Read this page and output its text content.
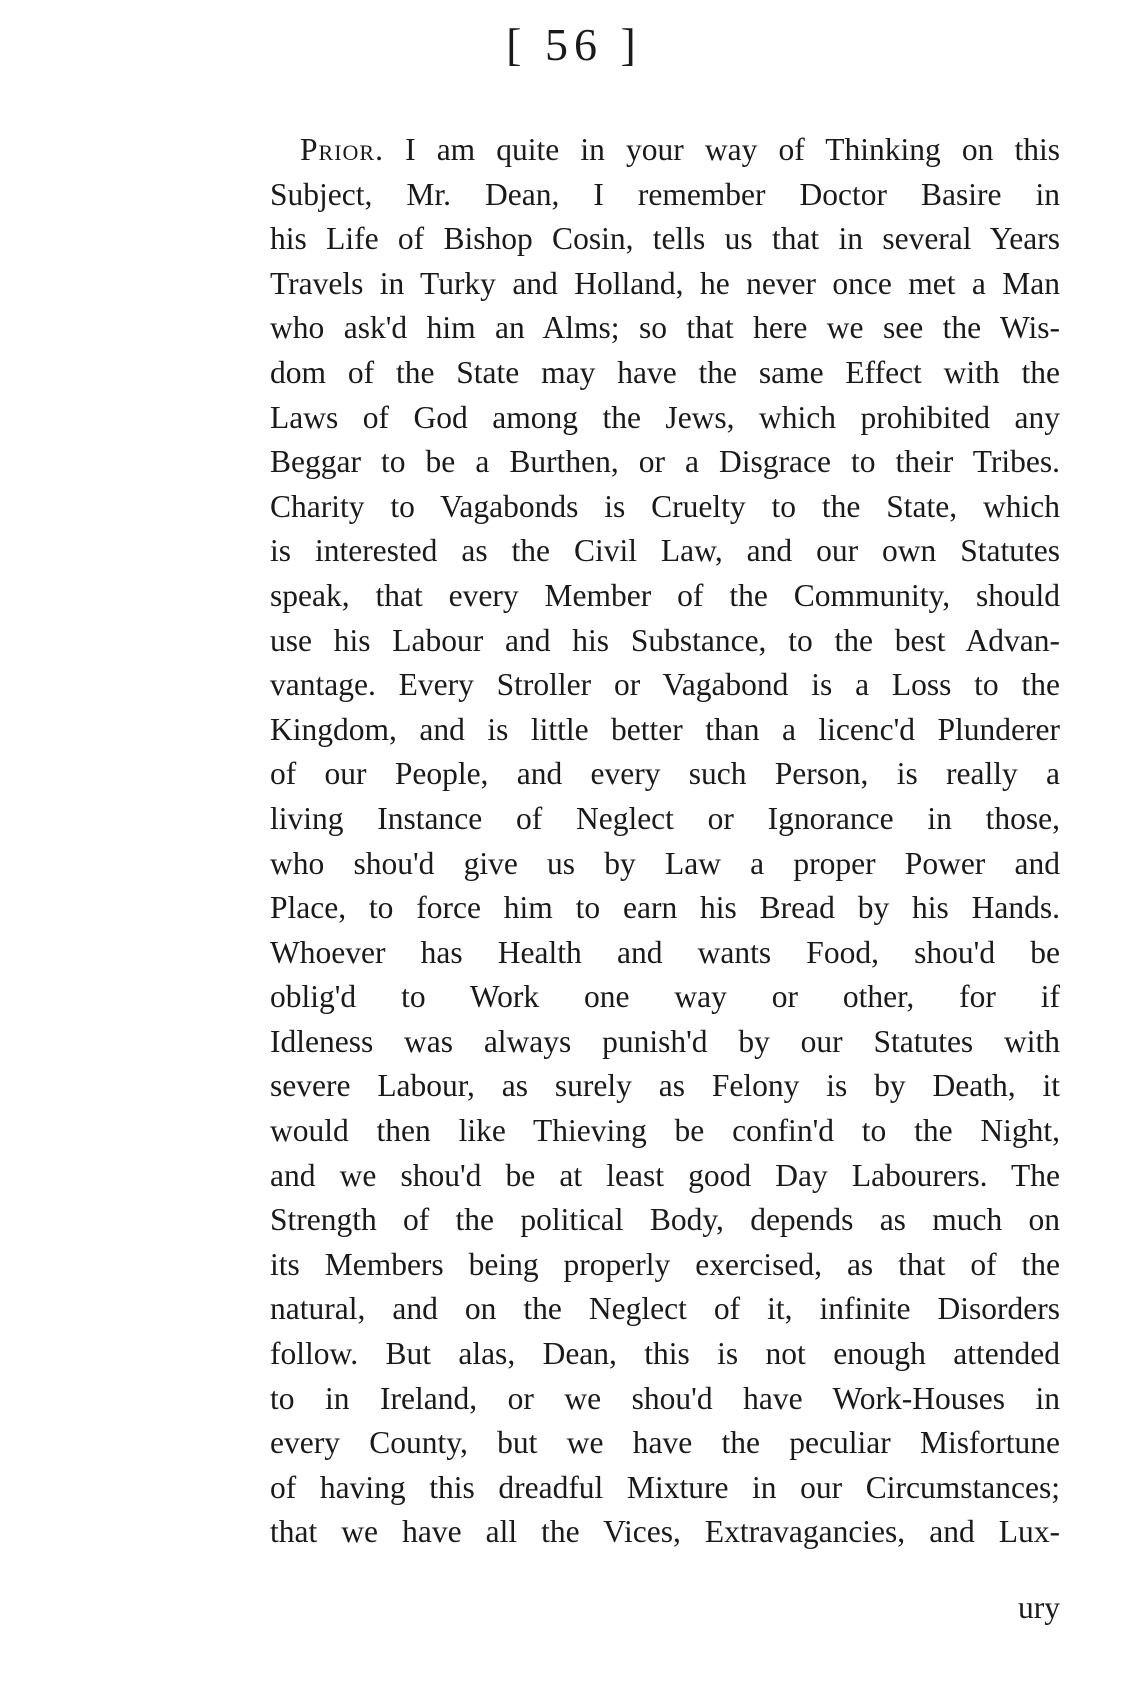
[ 56 ]
Prior. I am quite in your way of Thinking on this
Subject, Mr. Dean, I remember Doctor Basire in
his Life of Bishop Cosin, tells us that in several Years
Travels in Turky and Holland, he never once met a Man
who ask'd him an Alms; so that here we see the Wis-
dom of the State may have the same Effect with the
Laws of God among the Jews, which prohibited any
Beggar to be a Burthen, or a Disgrace to their Tribes.
Charity to Vagabonds is Cruelty to the State, which
is interested as the Civil Law, and our own Statutes
speak, that every Member of the Community, should
use his Labour and his Substance, to the best Advan-
vantage. Every Stroller or Vagabond is a Loss to the
Kingdom, and is little better than a licenc'd Plunderer
of our People, and every such Person, is really a
living Instance of Neglect or Ignorance in those,
who shou'd give us by Law a proper Power and
Place, to force him to earn his Bread by his Hands.
Whoever has Health and wants Food, shou'd be
oblig'd to Work one way or other, for if
Idleness was always punish'd by our Statutes with
severe Labour, as surely as Felony is by Death, it
would then like Thieving be confin'd to the Night,
and we shou'd be at least good Day Labourers. The
Strength of the political Body, depends as much on
its Members being properly exercised, as that of the
natural, and on the Neglect of it, infinite Disorders
follow. But alas, Dean, this is not enough attended
to in Ireland, or we shou'd have Work-Houses in
every County, but we have the peculiar Misfortune
of having this dreadful Mixture in our Circumstances;
that we have all the Vices, Extravagancies, and Lux-
ury
